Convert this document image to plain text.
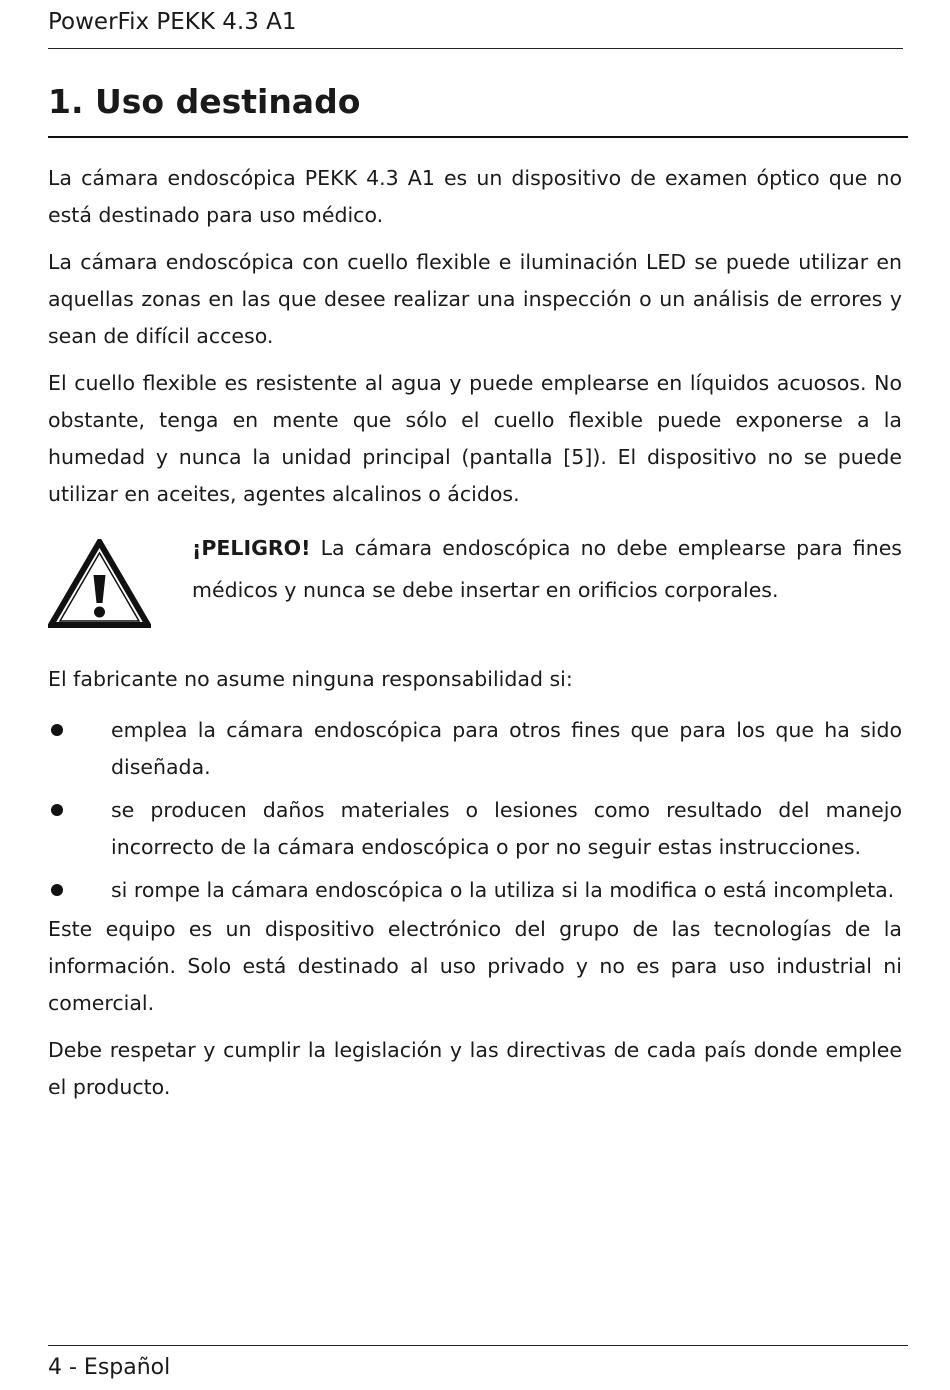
PowerFix PEKK 4.3 A1
1. Uso destinado

La cámara endoscópica PEKK 4.3 A1 es un dispositivo de examen óptico que no está destinado para uso médico.

La cámara endoscópica con cuello flexible e iluminación LED se puede utilizar en aquellas zonas en las que desee realizar una inspección o un análisis de errores y sean de difícil acceso.

El cuello flexible es resistente al agua y puede emplearse en líquidos acuosos. No obstante, tenga en mente que sólo el cuello flexible puede exponerse a la humedad y nunca la unidad principal (pantalla [5]). El dispositivo no se puede utilizar en aceites, agentes alcalinos o ácidos.

¡PELIGRO! La cámara endoscópica no debe emplearse para fines médicos y nunca se debe insertar en orificios corporales.

El fabricante no asume ninguna responsabilidad si:

emplea la cámara endoscópica para otros fines que para los que ha sido diseñada.
se producen daños materiales o lesiones como resultado del manejo incorrecto de la cámara endoscópica o por no seguir estas instrucciones.
si rompe la cámara endoscópica o la utiliza si la modifica o está incompleta.

Este equipo es un dispositivo electrónico del grupo de las tecnologías de la información. Solo está destinado al uso privado y no es para uso industrial ni comercial.

Debe respetar y cumplir la legislación y las directivas de cada país donde emplee el producto.

4 - Español
